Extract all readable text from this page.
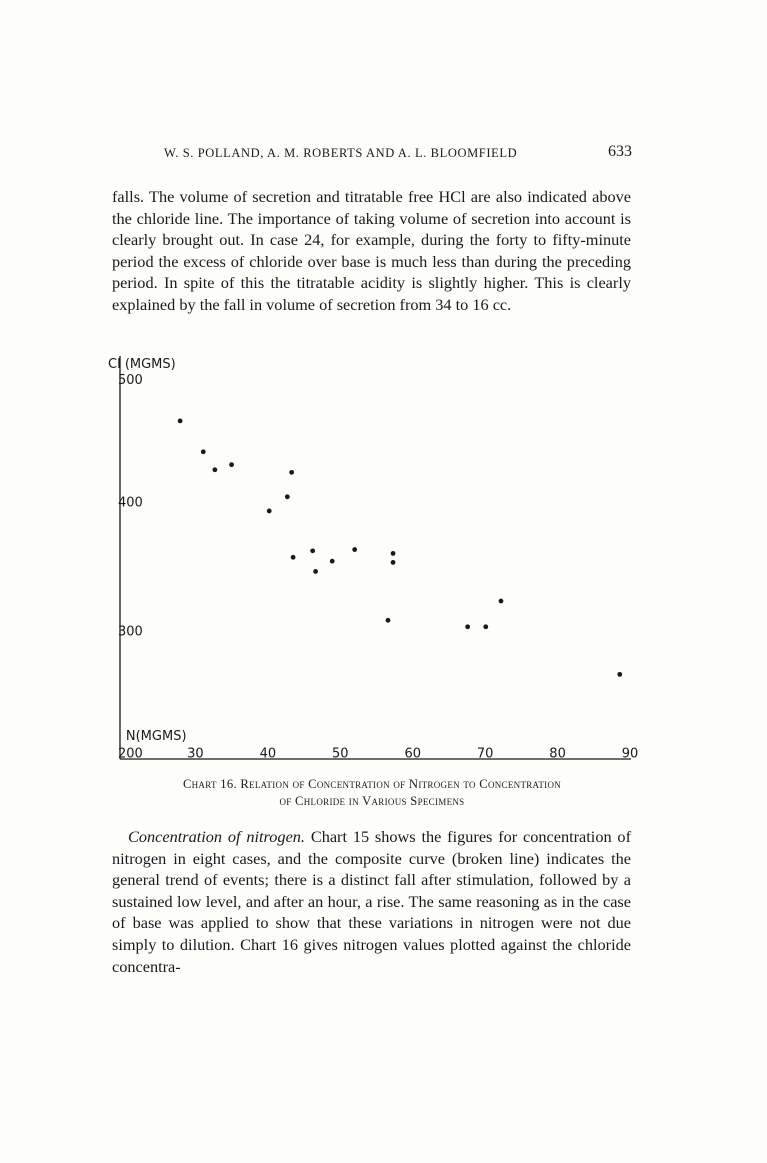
W. S. POLLAND, A. M. ROBERTS AND A. L. BLOOMFIELD	633

falls. The volume of secretion and titratable free HCl are also indicated above the chloride line. The importance of taking volume of secretion into account is clearly brought out. In case 24, for example, during the forty to fifty-minute period the excess of chloride over base is much less than during the preceding period. In spite of this the titratable acidity is slightly higher. This is clearly explained by the fall in volume of secretion from 34 to 16 cc.

Cl (MGMS)
200
300
400
500
N(MGMS)
30	40	50	60	70	80	90
Chart 16. Relation of Concentration of Nitrogen to Concentration
of Chloride in Various Specimens

Concentration of nitrogen. Chart 15 shows the figures for concentration of nitrogen in eight cases, and the composite curve (broken line) indicates the general trend of events; there is a distinct fall after stimulation, followed by a sustained low level, and after an hour, a rise. The same reasoning as in the case of base was applied to show that these variations in nitrogen were not due simply to dilution. Chart 16 gives nitrogen values plotted against the chloride concentra-
